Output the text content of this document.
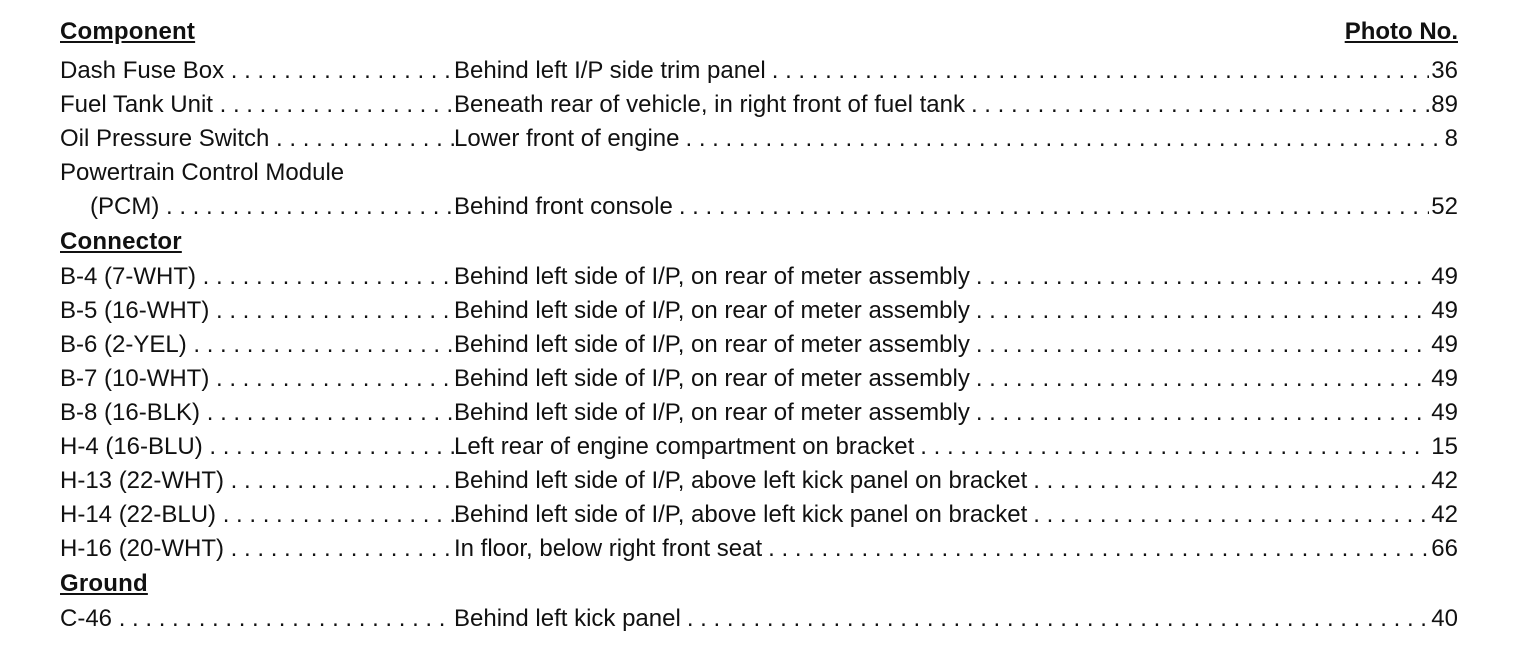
Component	Photo No.
Dash Fuse Box . . .	Behind left I/P side trim panel . . .	36
Fuel Tank Unit . . .	Beneath rear of vehicle, in right front of fuel tank . . .	89
Oil Pressure Switch . . .	Lower front of engine . . .	8
Powertrain Control Module
(PCM) . . .	Behind front console . . .	52
Connector
B-4 (7-WHT) . . .	Behind left side of I/P, on rear of meter assembly . . .	49
B-5 (16-WHT) . . .	Behind left side of I/P, on rear of meter assembly . . .	49
B-6 (2-YEL) . . .	Behind left side of I/P, on rear of meter assembly . . .	49
B-7 (10-WHT) . . .	Behind left side of I/P, on rear of meter assembly . . .	49
B-8 (16-BLK) . . .	Behind left side of I/P, on rear of meter assembly . . .	49
H-4 (16-BLU) . . .	Left rear of engine compartment on bracket . . .	15
H-13 (22-WHT) . . .	Behind left side of I/P, above left kick panel on bracket . . .	42
H-14 (22-BLU) . . .	Behind left side of I/P, above left kick panel on bracket . . .	42
H-16 (20-WHT) . . .	In floor, below right front seat . . .	66
Ground
C-46 . . .	Behind left kick panel . . .	40
